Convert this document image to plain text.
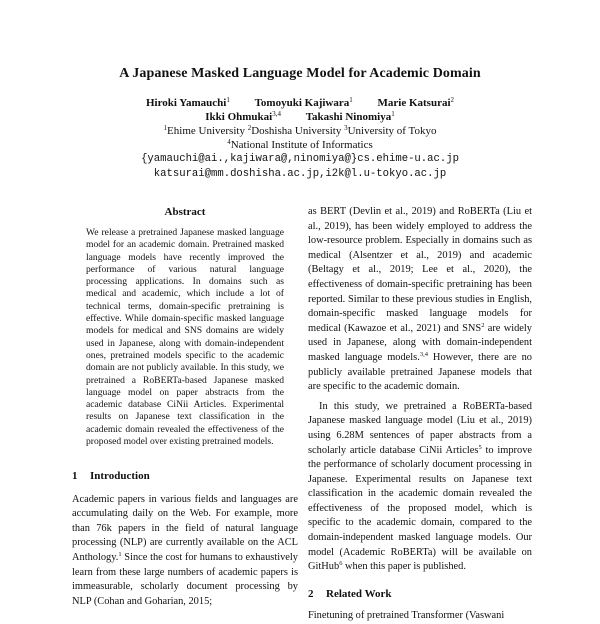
A Japanese Masked Language Model for Academic Domain
Hiroki Yamauchi$^1$ Tomoyuki Kajiwara$^1$ Marie Katsurai$^2$
Ikki Ohmukai$^{3,4}$ Takashi Ninomiya$^1$
$^1$Ehime University $^2$Doshisha University $^3$University of Tokyo
$^4$National Institute of Informatics
{yamauchi@ai.,kajiwara@,ninomiya@}cs.ehime-u.ac.jp
katsurai@mm.doshisha.ac.jp,i2k@l.u-tokyo.ac.jp
Abstract
We release a pretrained Japanese masked language model for an academic domain. Pretrained masked language models have recently improved the performance of various natural language processing applications. In domains such as medical and academic, which include a lot of technical terms, domain-specific pretraining is effective. While domain-specific masked language models for medical and SNS domains are widely used in Japanese, along with domain-independent ones, pretrained models specific to the academic domain are not publicly available. In this study, we pretrained a RoBERTa-based Japanese masked language model on paper abstracts from the academic database CiNii Articles. Experimental results on Japanese text classification in the academic domain revealed the effectiveness of the proposed model over existing pretrained models.
1 Introduction

Academic papers in various fields and languages are accumulating daily on the Web. For example, more than 76k papers in the field of natural language processing (NLP) are currently available on the ACL Anthology.$^1$ Since the cost for humans to exhaustively learn from these large numbers of academic papers is immeasurable, scholarly document processing by NLP (Cohan and Goharian, 2015;

as BERT (Devlin et al., 2019) and RoBERTa (Liu et al., 2019), has been widely employed to address the low-resource problem. Especially in domains such as medical (Alsentzer et al., 2019) and academic (Beltagy et al., 2019; Lee et al., 2020), the effectiveness of domain-specific pretraining has been reported. Similar to these previous studies in English, domain-specific masked language models for medical (Kawazoe et al., 2021) and SNS$^2$ are widely used in Japanese, along with domain-independent masked language models.$^{3,4}$ However, there are no publicly available pretrained Japanese models that are specific to the academic domain.

In this study, we pretrained a RoBERTa-based Japanese masked language model (Liu et al., 2019) using 6.28M sentences of paper abstracts from a scholarly article database CiNii Articles$^5$ to improve the performance of scholarly document processing in Japanese. Experimental results on Japanese text classification in the academic domain revealed the effectiveness of the proposed model, which is specific to the academic domain, compared to the domain-independent masked language models. Our model (Academic RoBERTa) will be available on GitHub$^6$ when this paper is published.

2 Related Work

Finetuning of pretrained Transformer (Vaswani
